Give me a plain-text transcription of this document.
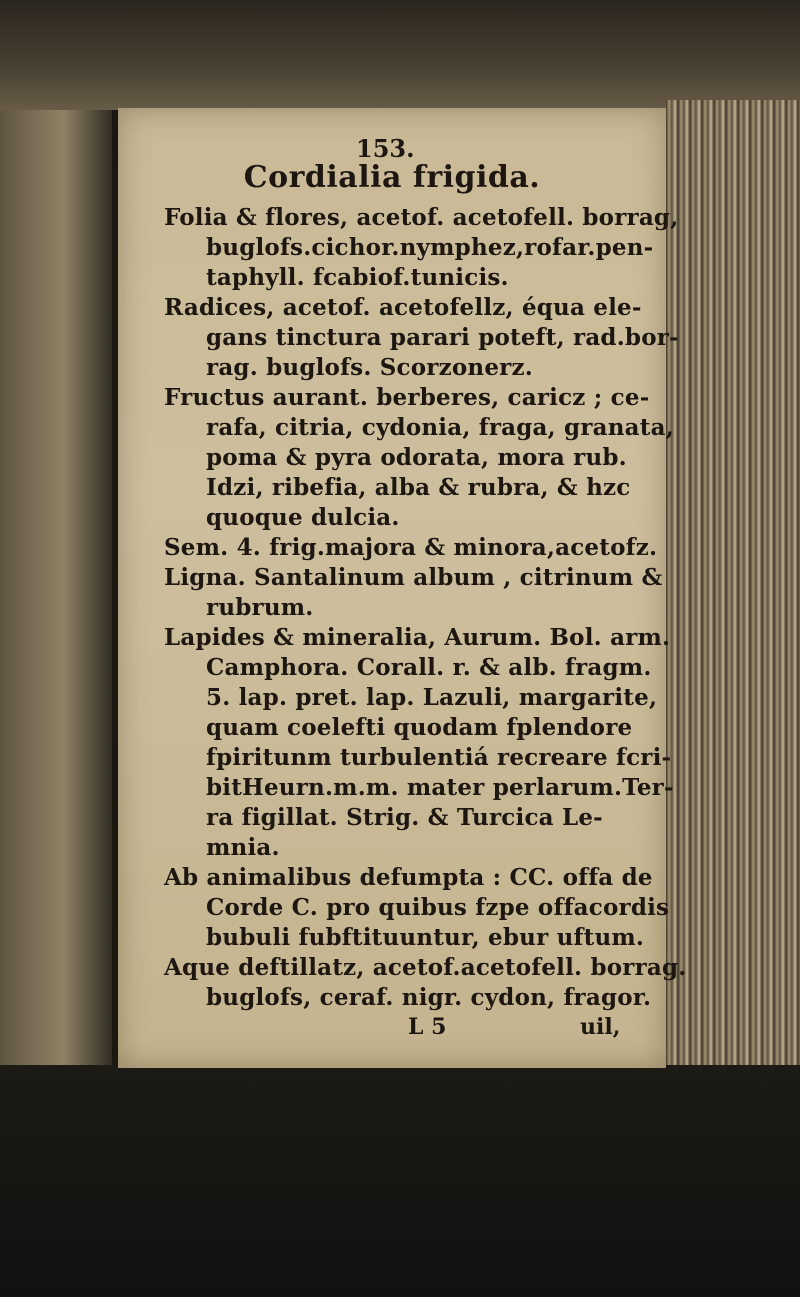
153.
Cordialia frigida.
Folia & flores, acetof. acetofell. borrag,
buglofs.cichor.nymphez,rofar.pen-
taphyll. fcabiof.tunicis.
Radices, acetof. acetofellz, équa ele-
gans tinctura parari poteft, rad.bor-
rag. buglofs. Scorzonerz.
Fructus aurant. berberes, caricz ; ce-
rafa, citria, cydonia, fraga, granata,
poma & pyra odorata, mora rub.
Idzi, ribefia, alba & rubra, & hzc
quoque dulcia.
Sem. 4. frig.majora & minora,acetofz.
Ligna. Santalinum album , citrinum &
rubrum.
Lapides & mineralia, Aurum. Bol. arm.
Camphora. Corall. r. & alb. fragm.
5. lap. pret. lap. Lazuli, margarite,
quam coelefti quodam fplendore
fpiritunm turbulentiá recreare fcri-
bitHeurn.m.m. mater perlarum.Ter-
ra figillat. Strig. & Turcica Le-
mnia.
Ab animalibus defumpta : CC. offa de
Corde C. pro quibus fzpe offacordis
bubuli fubftituuntur, ebur uftum.
Aque deftillatz, acetof.acetofell. borrag.
buglofs, ceraf. nigr. cydon, fragor.
L 5	uil,
